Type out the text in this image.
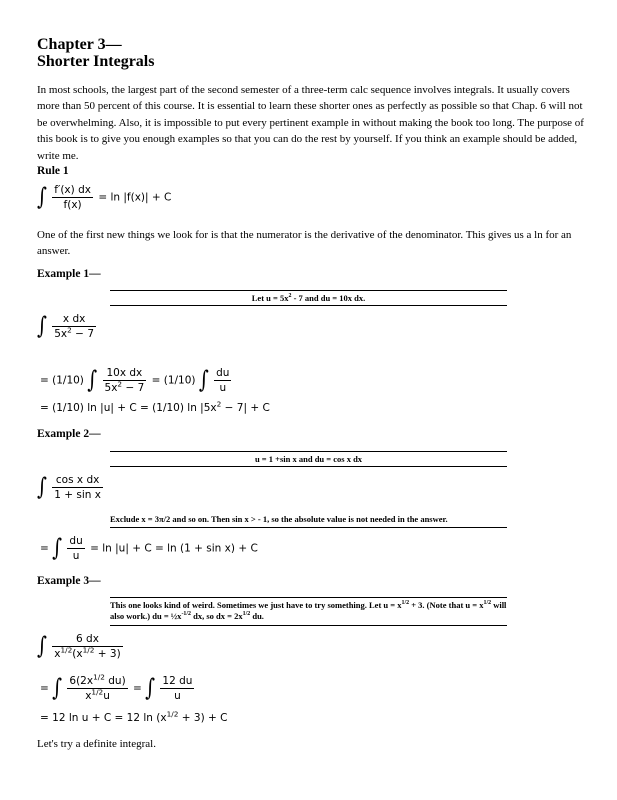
Chapter 3—
Shorter Integrals

In most schools, the largest part of the second semester of a three-term calc sequence involves integrals. It usually covers more than 50 percent of this course. It is essential to learn these shorter ones as perfectly as possible so that Chap. 6 will not be overwhelming. Also, it is impossible to put every pertinent example in without making the book too long. The purpose of this book is to give you enough examples so that you can do the rest by yourself. If you think an example should be added, write me.

Rule 1
∫ $\frac{f'(x) dx}{f(x)} = \ln |f(x)| + C$

One of the first new things we look for is that the numerator is the derivative of the denominator. This gives us a ln for an answer.

Example 1—
Let $u = 5x^2 - 7$ and du = 10x dx.
∫ $\frac{\text{x dx}}{5x^2 - 7}$
= (1/10) ∫ $\frac{\text{10x dx}}{5x^2 - 7} = (1/10)$ ∫ $\frac{du}{u}$
= (1/10) ln |u| + C = (1/10) $\ln |5x^2 - 7| + C$
Example 2—
u = 1 +sin x and du = cos x dx
∫ $\frac{\text{cos x dx}}{\text{1 + sin x}}$
Exclude x = 3π/2 and so on. Then sin x > - 1, so the absolute value is not needed in the answer.
= ∫ $\frac{du}{u} = \ln |u| + C = \ln (1 + \sin x) + C$
Example 3—
This one looks kind of weird. Sometimes we just have to try something. Let $u = x^{1/2} + 3$. (Note that $u = x^{1/2}$ will also work.) du = $\frac{1}{2}x^{-1/2}$ dx, so dx = $2x^{1/2}$ du.
∫ $\frac{6 dx}{x^{1/2}(x^{1/2} + 3)}$
= ∫ $\frac{6(2x^{1/2} du)}{x^{1/2}u}$ = ∫ $\frac{12 du}{u}$
= 12 ln u + C = 12 $\ln (x^{1/2} + 3) + C$
Let's try a definite integral.
